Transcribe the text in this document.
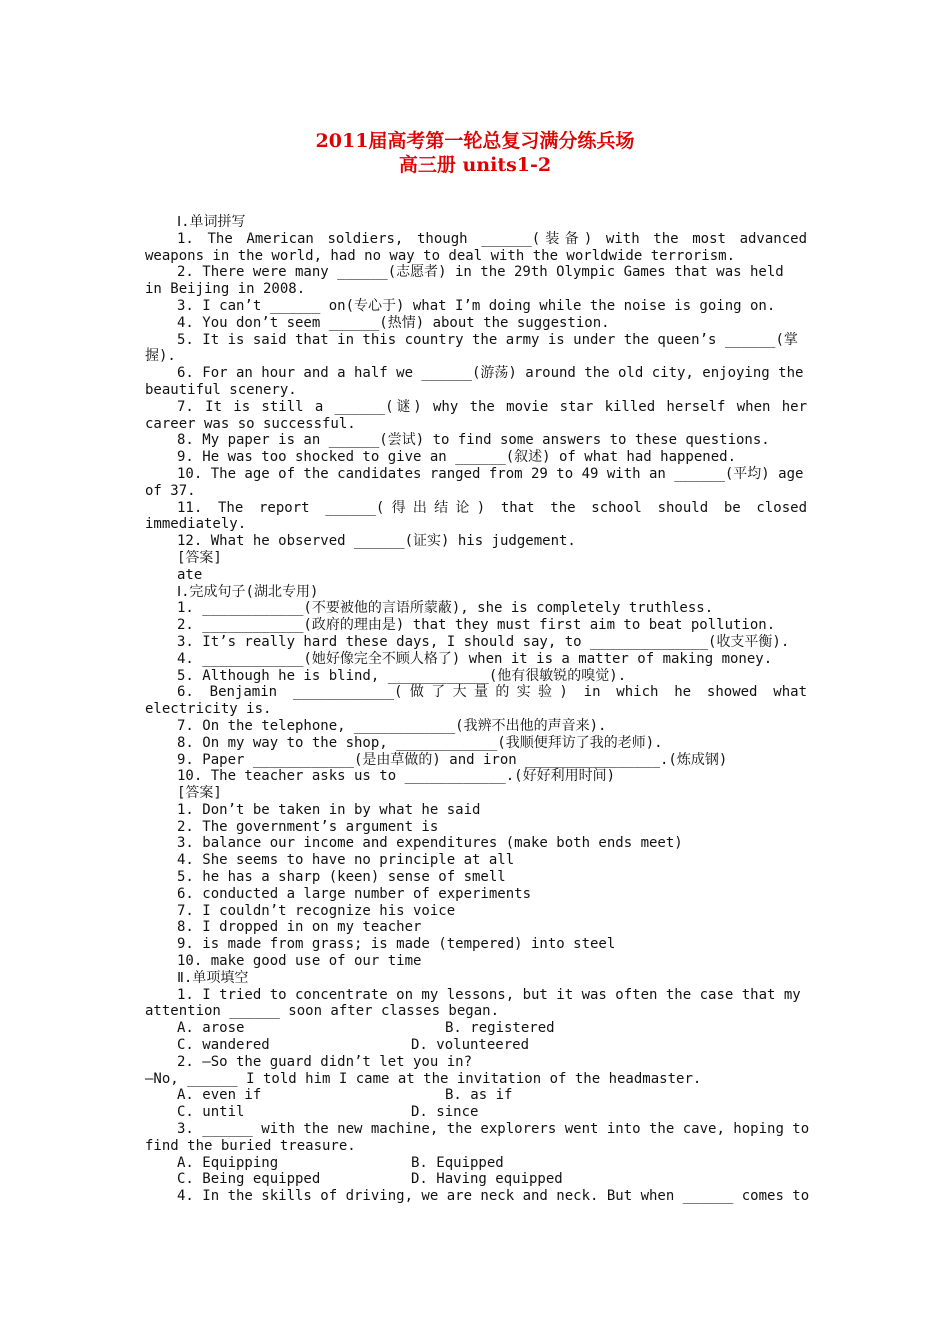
2011届高考第一轮总复习满分练兵场
高三册 units1-2
Ⅰ.单词拼写
1. The American soldiers, though ______(装备) with the most advanced
weapons in the world, had no way to deal with the worldwide terrorism.
2. There were many ______(志愿者) in the 29th Olympic Games that was held
in Beijing in 2008.
3. I can’t ______ on(专心于) what I’m doing while the noise is going on.
4. You don’t seem ______(热情) about the suggestion.
5. It is said that in this country the army is under the queen’s ______(掌
握).
6. For an hour and a half we ______(游荡) around the old city, enjoying the
beautiful scenery.
7. It is still a ______(谜) why the movie star killed herself when her
career was so successful.
8. My paper is an ______(尝试) to find some answers to these questions.
9. He was too shocked to give an ______(叙述) of what had happened.
10. The age of the candidates ranged from 29 to 49 with an ______(平均) age
of 37.
11. The report ______(得出结论) that the school should be closed
immediately.
12. What he observed ______(证实) his judgement.
[答案]
ate
Ⅰ.完成句子(湖北专用)
1. ____________(不要被他的言语所蒙蔽), she is completely truthless.
2. ____________(政府的理由是) that they must first aim to beat pollution.
3. It’s really hard these days, I should say, to ______________(收支平衡).
4. ____________(她好像完全不顾人格了) when it is a matter of making money.
5. Although he is blind, ____________(他有很敏锐的嗅觉).
6. Benjamin ____________(做了大量的实验) in which he showed what
electricity is.
7. On the telephone, ____________(我辨不出他的声音来).
8. On my way to the shop, ____________(我顺便拜访了我的老师).
9. Paper ____________(是由草做的) and iron ________________.(炼成钢)
10. The teacher asks us to ____________.(好好利用时间)
[答案]
1. Don’t be taken in by what he said
2. The government’s argument is
3. balance our income and expenditures (make both ends meet)
4. She seems to have no principle at all
5. he has a sharp (keen) sense of smell
6. conducted a large number of experiments
7. I couldn’t recognize his voice
8. I dropped in on my teacher
9. is made from grass; is made (tempered) into steel
10. make good use of our time
Ⅱ.单项填空
1. I tried to concentrate on my lessons, but it was often the case that my
attention ______ soon after classes began.
A. arose	B. registered
C. wandered	D. volunteered
2. —So the guard didn’t let you in?
—No, ______ I told him I came at the invitation of the headmaster.
A. even if	B. as if
C. until	D. since
3. ______ with the new machine, the explorers went into the cave, hoping to
find the buried treasure.
A. Equipping	B. Equipped
C. Being equipped	D. Having equipped
4. In the skills of driving, we are neck and neck. But when ______ comes to
